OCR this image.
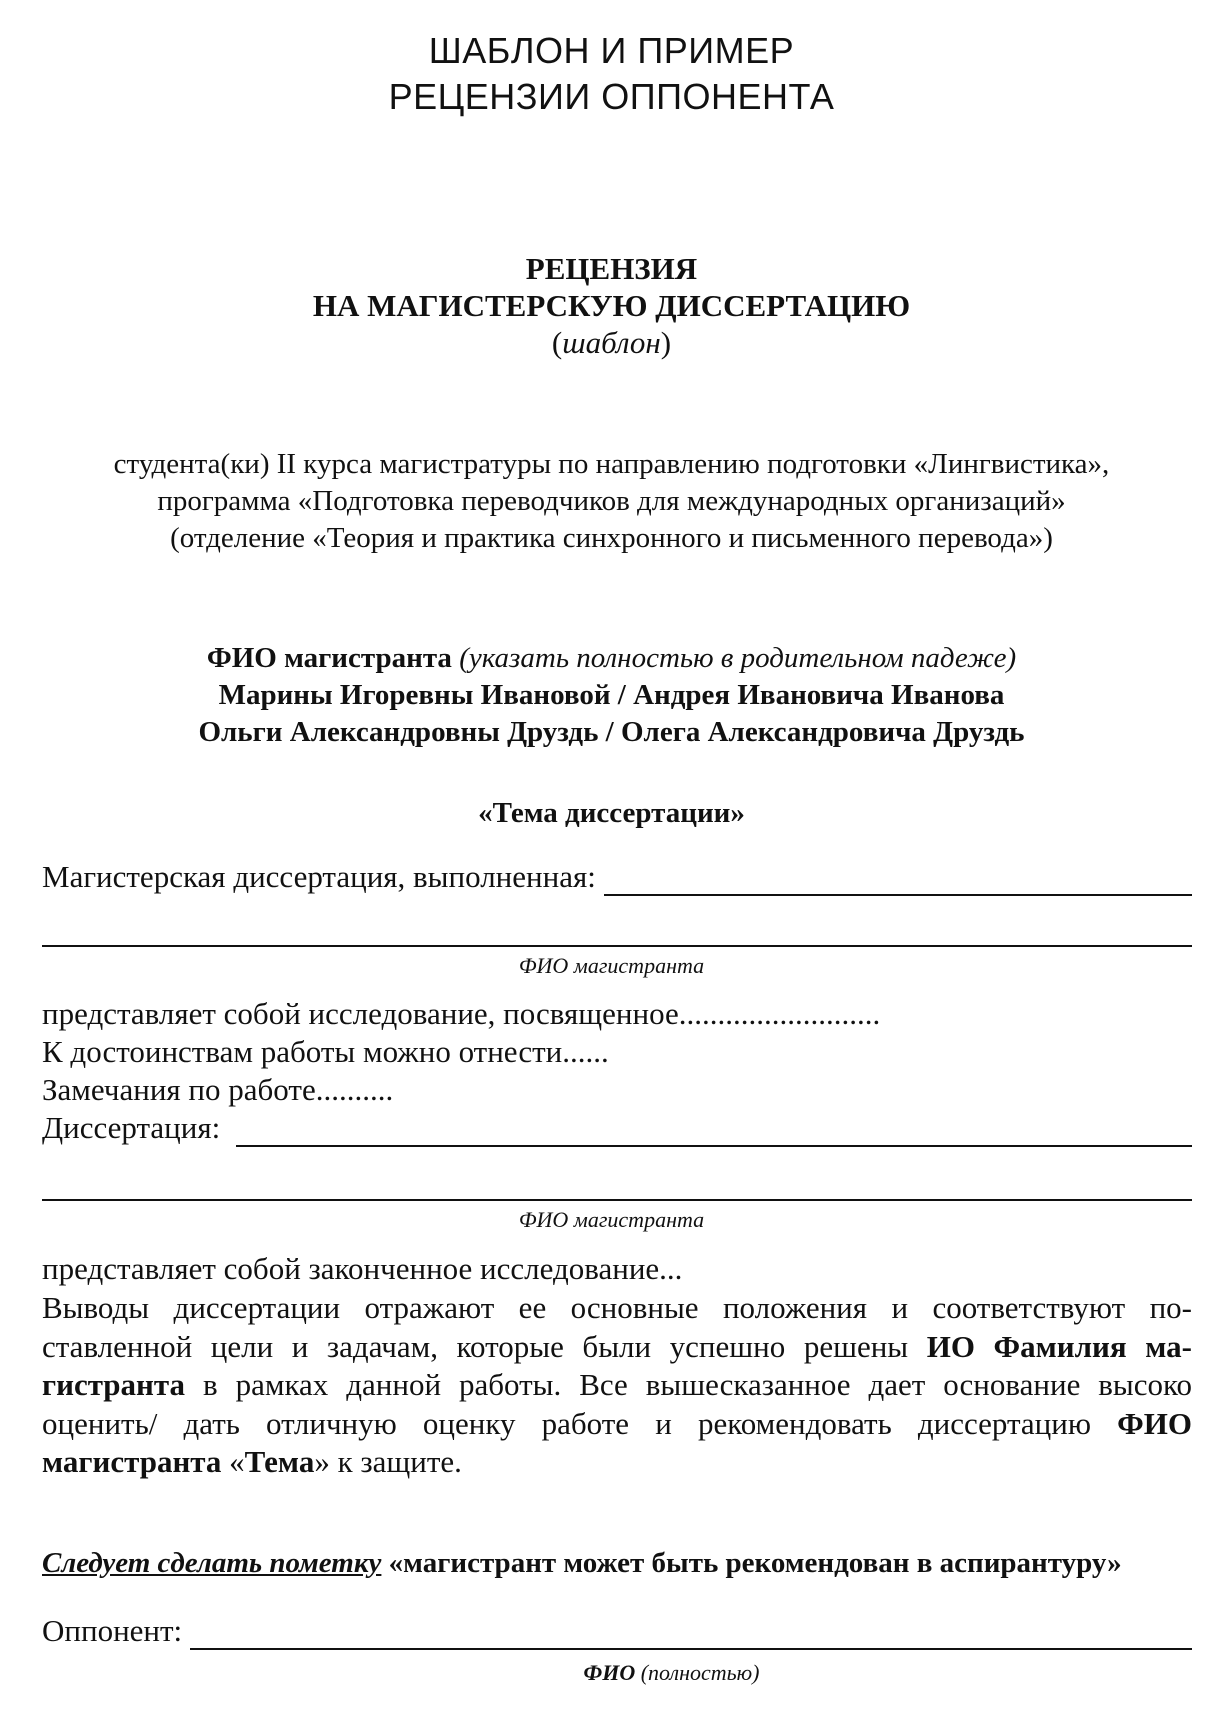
ШАБЛОН И ПРИМЕР
РЕЦЕНЗИИ ОППОНЕНТА
РЕЦЕНЗИЯ
НА МАГИСТЕРСКУЮ ДИССЕРТАЦИЮ
(шаблон)
студента(ки) II курса магистратуры по направлению подготовки «Лингвистика»,
программа «Подготовка переводчиков для международных организаций»
(отделение «Теория и практика синхронного и письменного перевода»)
ФИО магистранта (указать полностью в родительном падеже)
Марины Игоревны Ивановой / Андрея Ивановича Иванова
Ольги Александровны Друздь / Олега Александровича Друздь
«Тема диссертации»
Магистерская диссертация, выполненная:
ФИО магистранта
представляет собой исследование, посвященное..........................
К достоинствам работы можно отнести......
Замечания по работе..........
Диссертация:
ФИО магистранта
представляет собой законченное исследование...
Выводы диссертации отражают ее основные положения и соответствуют поставленной цели и задачам, которые были успешно решены ИО Фамилия магистранта в рамках данной работы. Все вышесказанное дает основание высоко оценить/ дать отличную оценку работе и рекомендовать диссертацию ФИО магистранта «Тема» к защите.
Следует сделать пометку «магистрант может быть рекомендован в аспирантуру»
Оппонент:
ФИО (полностью)
